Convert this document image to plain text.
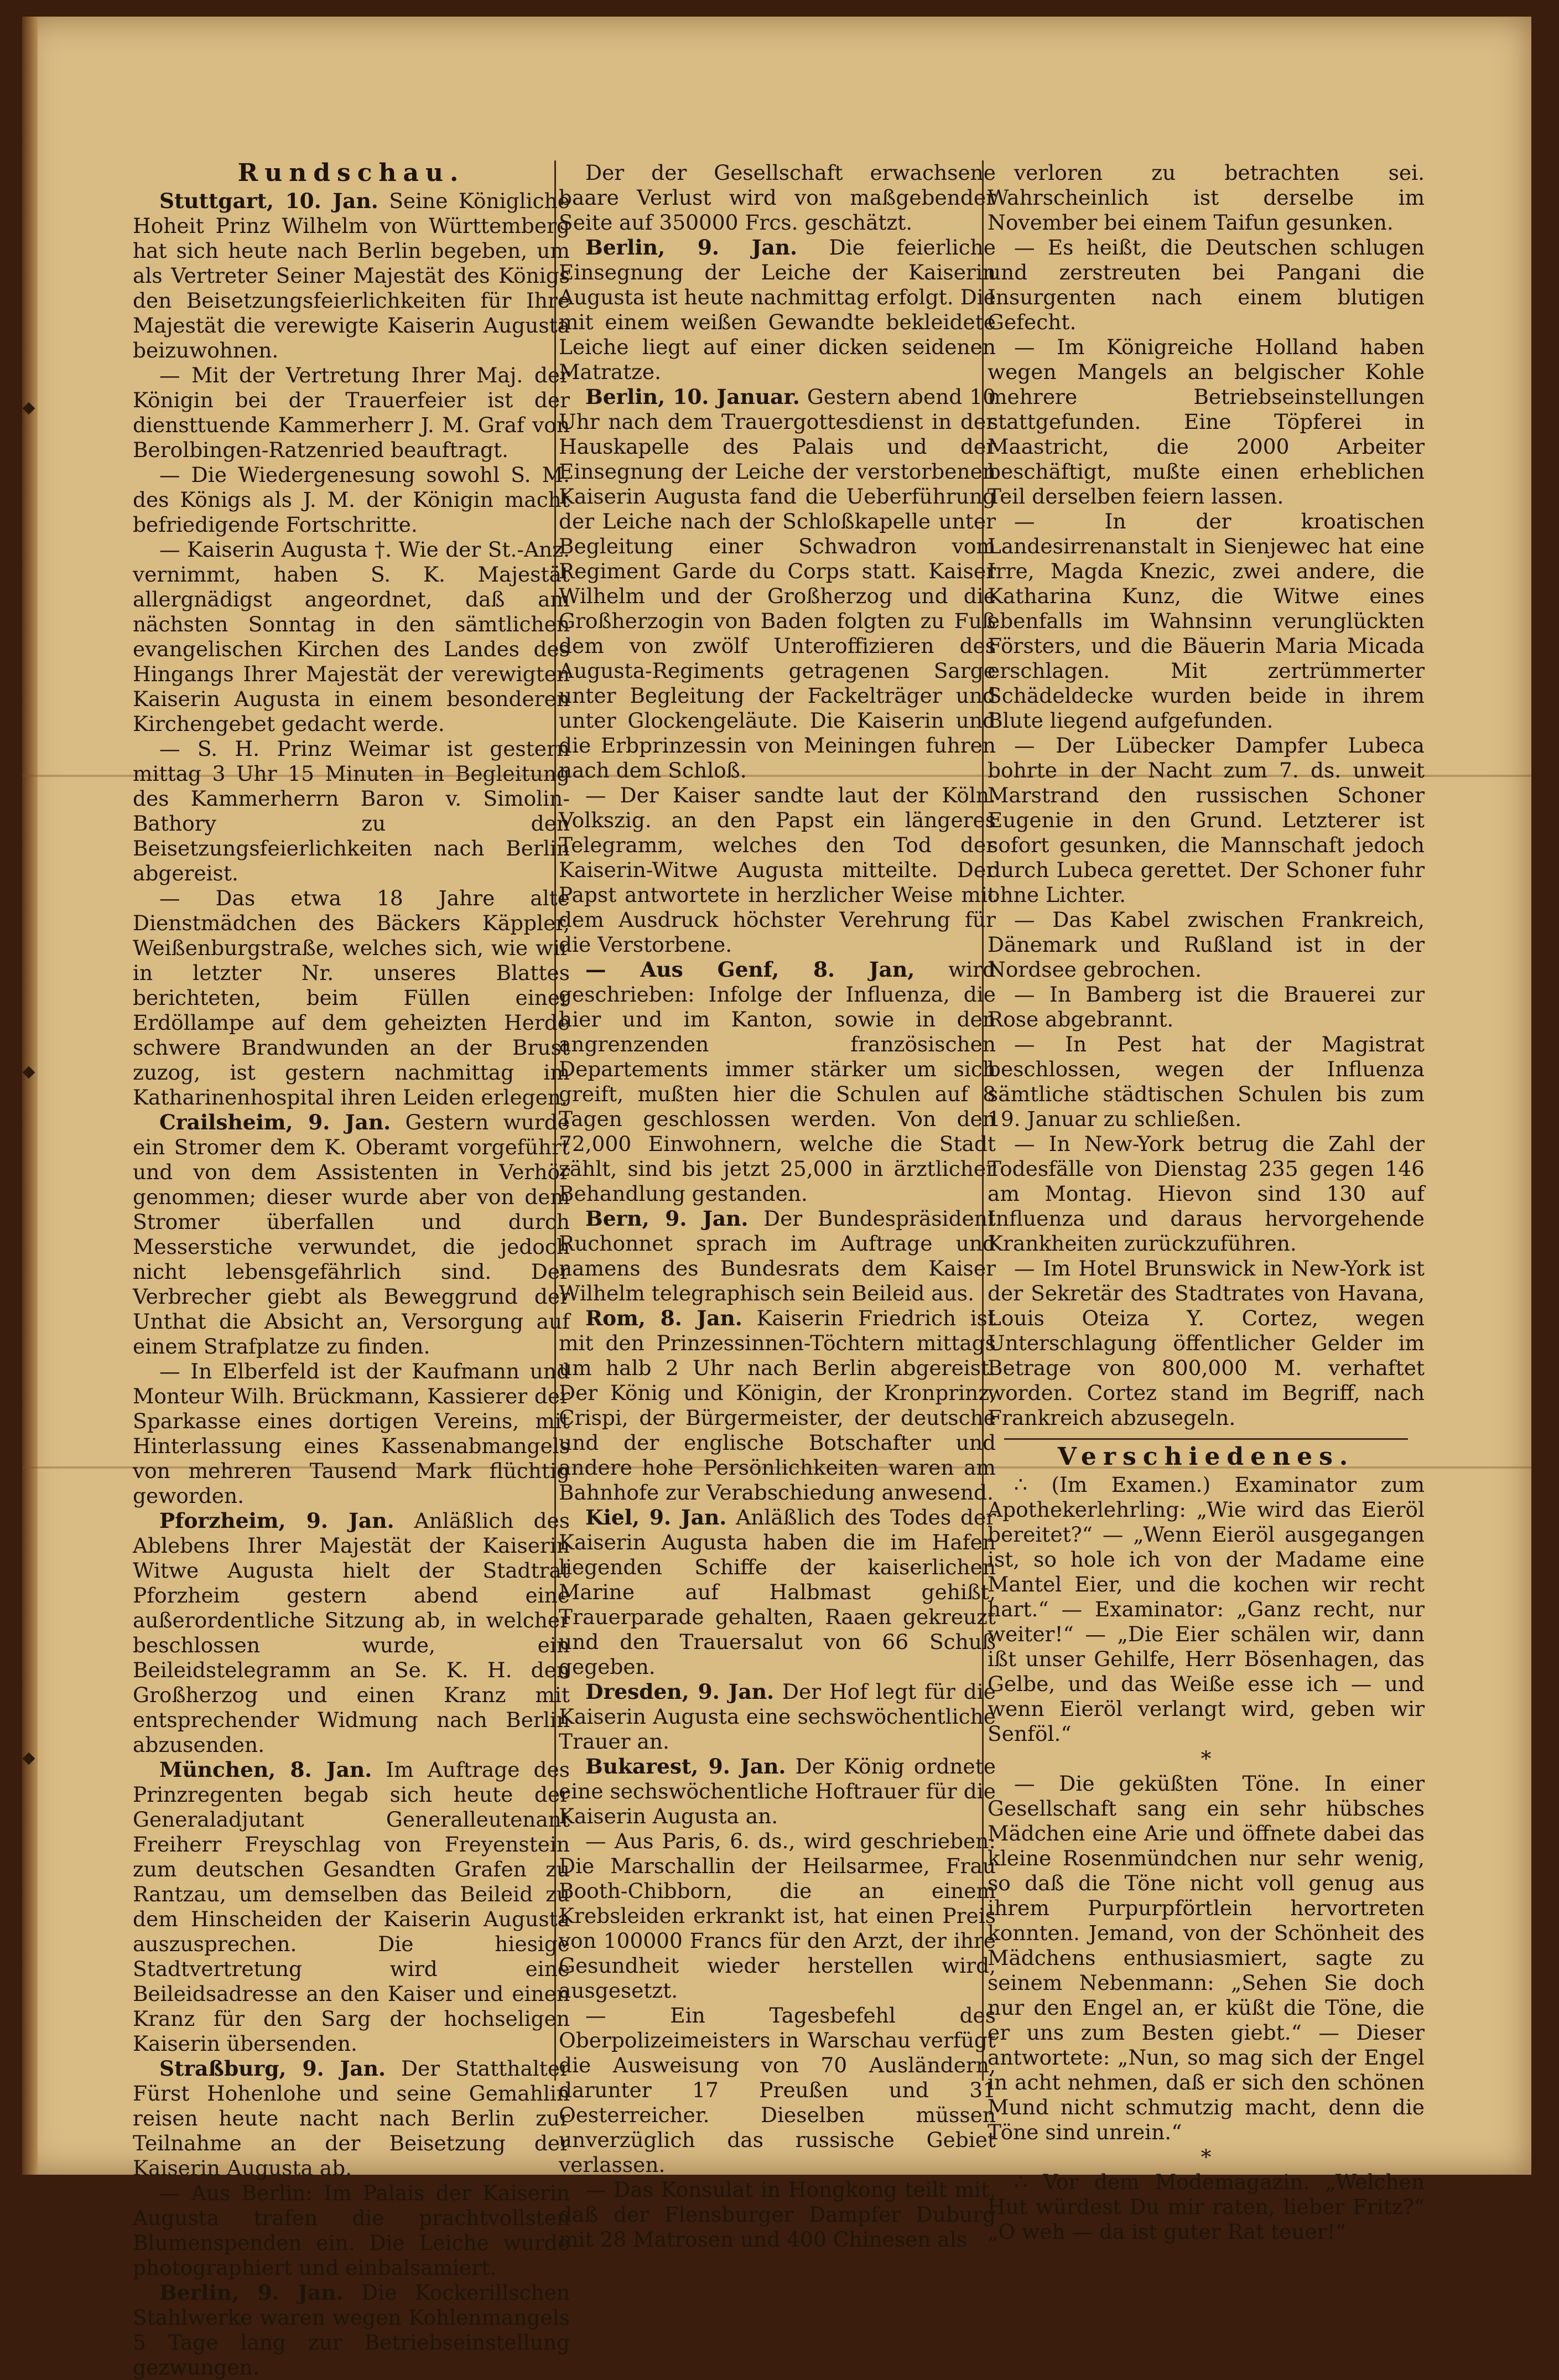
Rundschau.

Stuttgart, 10. Jan. Seine Königliche Hoheit Prinz Wilhelm von Württemberg hat sich heute nach Berlin begeben, um als Vertreter Seiner Majestät des Königs den Beisetzungsfeierlichkeiten für Ihre Majestät die verewigte Kaiserin Augusta beizuwohnen.

— Mit der Vertretung Ihrer Maj. der Königin bei der Trauerfeier ist der diensttuende Kammerherr J. M. Graf von Berolbingen-Ratzenried beauftragt.

— Die Wiedergenesung sowohl S. M. des Königs als J. M. der Königin macht befriedigende Fortschritte.

— Kaiserin Augusta †. Wie der St.-Anz. vernimmt, haben S. K. Majestät allergnädigst angeordnet, daß am nächsten Sonntag in den sämtlichen evangelischen Kirchen des Landes des Hingangs Ihrer Majestät der verewigten Kaiserin Augusta in einem besonderen Kirchengebet gedacht werde.

— S. H. Prinz Weimar ist gestern mittag 3 Uhr 15 Minuten in Begleitung des Kammerherrn Baron v. Simolin-Bathory zu den Beisetzungsfeierlichkeiten nach Berlin abgereist.

— Das etwa 18 Jahre alte Dienstmädchen des Bäckers Käppler, Weißenburgstraße, welches sich, wie wir in letzter Nr. unseres Blattes berichteten, beim Füllen einer Erdöllampe auf dem geheizten Herde schwere Brandwunden an der Brust zuzog, ist gestern nachmittag im Katharinenhospital ihren Leiden erlegen.

Crailsheim, 9. Jan. Gestern wurde ein Stromer dem K. Oberamt vorgeführt und von dem Assistenten in Verhör genommen; dieser wurde aber von dem Stromer überfallen und durch Messerstiche verwundet, die jedoch nicht lebensgefährlich sind. Der Verbrecher giebt als Beweggrund der Unthat die Absicht an, Versorgung auf einem Strafplatze zu finden.

— In Elberfeld ist der Kaufmann und Monteur Wilh. Brückmann, Kassierer der Sparkasse eines dortigen Vereins, mit Hinterlassung eines Kassenabmangels von mehreren Tausend Mark flüchtig geworden.

Pforzheim, 9. Jan. Anläßlich des Ablebens Ihrer Majestät der Kaiserin Witwe Augusta hielt der Stadtrat Pforzheim gestern abend eine außerordentliche Sitzung ab, in welcher beschlossen wurde, ein Beileidstelegramm an Se. K. H. den Großherzog und einen Kranz mit entsprechender Widmung nach Berlin abzusenden.

München, 8. Jan. Im Auftrage des Prinzregenten begab sich heute der Generaladjutant Generalleutenant Freiherr Freyschlag von Freyenstein zum deutschen Gesandten Grafen zu Rantzau, um demselben das Beileid zu dem Hinscheiden der Kaiserin Augusta auszusprechen. Die hiesige Stadtvertretung wird eine Beileidsadresse an den Kaiser und einen Kranz für den Sarg der hochseligen Kaiserin übersenden.

Straßburg, 9. Jan. Der Statthalter Fürst Hohenlohe und seine Gemahlin reisen heute nacht nach Berlin zur Teilnahme an der Beisetzung der Kaiserin Augusta ab.

— Aus Berlin: Im Palais der Kaiserin Augusta trafen die prachtvollsten Blumenspenden ein. Die Leiche wurde photographiert und einbalsamiert.

Berlin, 9. Jan. Die Kockerillschen Stahlwerke waren wegen Kohlenmangels 5 Tage lang zur Betriebseinstellung gezwungen.

Der der Gesellschaft erwachsene baare Verlust wird von maßgebender Seite auf 350000 Frcs. geschätzt.

Berlin, 9. Jan. Die feierliche Einsegnung der Leiche der Kaiserin Augusta ist heute nachmittag erfolgt. Die mit einem weißen Gewandte bekleidete Leiche liegt auf einer dicken seidenen Matratze.

Berlin, 10. Januar. Gestern abend 10 Uhr nach dem Trauergottesdienst in der Hauskapelle des Palais und der Einsegnung der Leiche der verstorbenen Kaiserin Augusta fand die Ueberführung der Leiche nach der Schloßkapelle unter Begleitung einer Schwadron vom Regiment Garde du Corps statt. Kaiser Wilhelm und der Großherzog und die Großherzogin von Baden folgten zu Fuß dem von zwölf Unteroffizieren des Augusta-Regiments getragenen Sarge unter Begleitung der Fackelträger und unter Glockengeläute. Die Kaiserin und die Erbprinzessin von Meiningen fuhren nach dem Schloß.

— Der Kaiser sandte laut der Köln. Volkszig. an den Papst ein längeres Telegramm, welches den Tod der Kaiserin-Witwe Augusta mitteilte. Der Papst antwortete in herzlicher Weise mit dem Ausdruck höchster Verehrung für die Verstorbene.

— Aus Genf, 8. Jan, wird geschrieben: Infolge der Influenza, die hier und im Kanton, sowie in den angrenzenden französischen Departements immer stärker um sich greift, mußten hier die Schulen auf 8 Tagen geschlossen werden. Von den 72,000 Einwohnern, welche die Stadt zählt, sind bis jetzt 25,000 in ärztlicher Behandlung gestanden.

Bern, 9. Jan. Der Bundespräsident Ruchonnet sprach im Auftrage und namens des Bundesrats dem Kaiser Wilhelm telegraphisch sein Beileid aus.

Rom, 8. Jan. Kaiserin Friedrich ist mit den Prinzessinnen-Töchtern mittags um halb 2 Uhr nach Berlin abgereist. Der König und Königin, der Kronprinz, Crispi, der Bürgermeister, der deutsche und der englische Botschafter und andere hohe Persönlichkeiten waren am Bahnhofe zur Verabschiedung anwesend.

Kiel, 9. Jan. Anläßlich des Todes der Kaiserin Augusta haben die im Hafen liegenden Schiffe der kaiserlichen Marine auf Halbmast gehißt, Trauerparade gehalten, Raaen gekreuzt und den Trauersalut von 66 Schuß gegeben.

Dresden, 9. Jan. Der Hof legt für die Kaiserin Augusta eine sechswöchentliche Trauer an.

Bukarest, 9. Jan. Der König ordnete eine sechswöchentliche Hoftrauer für die Kaiserin Augusta an.

— Aus Paris, 6. ds., wird geschrieben: Die Marschallin der Heilsarmee, Frau Booth-Chibborn, die an einem Krebsleiden erkrankt ist, hat einen Preis von 100000 Francs für den Arzt, der ihre Gesundheit wieder herstellen wird, ausgesetzt.

— Ein Tagesbefehl des Oberpolizeimeisters in Warschau verfügt die Ausweisung von 70 Ausländern, darunter 17 Preußen und 31 Oesterreicher. Dieselben müssen unverzüglich das russische Gebiet verlassen.

— Das Konsulat in Hongkong teilt mit, daß der Flensburger Dampfer Duburg mit 28 Matrosen und 400 Chinesen als

verloren zu betrachten sei. Wahrscheinlich ist derselbe im November bei einem Taifun gesunken.

— Es heißt, die Deutschen schlugen und zerstreuten bei Pangani die Insurgenten nach einem blutigen Gefecht.

— Im Königreiche Holland haben wegen Mangels an belgischer Kohle mehrere Betriebseinstellungen stattgefunden. Eine Töpferei in Maastricht, die 2000 Arbeiter beschäftigt, mußte einen erheblichen Teil derselben feiern lassen.

— In der kroatischen Landesirrenanstalt in Sienjewec hat eine Irre, Magda Knezic, zwei andere, die Katharina Kunz, die Witwe eines ebenfalls im Wahnsinn verunglückten Försters, und die Bäuerin Maria Micada erschlagen. Mit zertrümmerter Schädeldecke wurden beide in ihrem Blute liegend aufgefunden.

— Der Lübecker Dampfer Lubeca bohrte in der Nacht zum 7. ds. unweit Marstrand den russischen Schoner Eugenie in den Grund. Letzterer ist sofort gesunken, die Mannschaft jedoch durch Lubeca gerettet. Der Schoner fuhr ohne Lichter.

— Das Kabel zwischen Frankreich, Dänemark und Rußland ist in der Nordsee gebrochen.

— In Bamberg ist die Brauerei zur Rose abgebrannt.

— In Pest hat der Magistrat beschlossen, wegen der Influenza sämtliche städtischen Schulen bis zum 19. Januar zu schließen.

— In New-York betrug die Zahl der Todesfälle von Dienstag 235 gegen 146 am Montag. Hievon sind 130 auf Influenza und daraus hervorgehende Krankheiten zurückzuführen.

— Im Hotel Brunswick in New-York ist der Sekretär des Stadtrates von Havana, Louis Oteiza Y. Cortez, wegen Unterschlagung öffentlicher Gelder im Betrage von 800,000 M. verhaftet worden. Cortez stand im Begriff, nach Frankreich abzusegeln.

Verschiedenes.

∴ (Im Examen.) Examinator zum Apothekerlehrling: „Wie wird das Eieröl bereitet?“ — „Wenn Eieröl ausgegangen ist, so hole ich von der Madame eine Mantel Eier, und die kochen wir recht hart.“ — Examinator: „Ganz recht, nur weiter!“ — „Die Eier schälen wir, dann ißt unser Gehilfe, Herr Bösenhagen, das Gelbe, und das Weiße esse ich — und wenn Eieröl verlangt wird, geben wir Senföl.“

*

— Die geküßten Töne. In einer Gesellschaft sang ein sehr hübsches Mädchen eine Arie und öffnete dabei das kleine Rosenmündchen nur sehr wenig, so daß die Töne nicht voll genug aus ihrem Purpurpförtlein hervortreten konnten. Jemand, von der Schönheit des Mädchens enthusiasmiert, sagte zu seinem Nebenmann: „Sehen Sie doch nur den Engel an, er küßt die Töne, die er uns zum Besten giebt.“ — Dieser antwortete: „Nun, so mag sich der Engel in acht nehmen, daß er sich den schönen Mund nicht schmutzig macht, denn die Töne sind unrein.“

*

∴ Vor dem Modemagazin. „Welchen Hut würdest Du mir raten, lieber Fritz?“ „O weh — da ist guter Rat teuer!“
